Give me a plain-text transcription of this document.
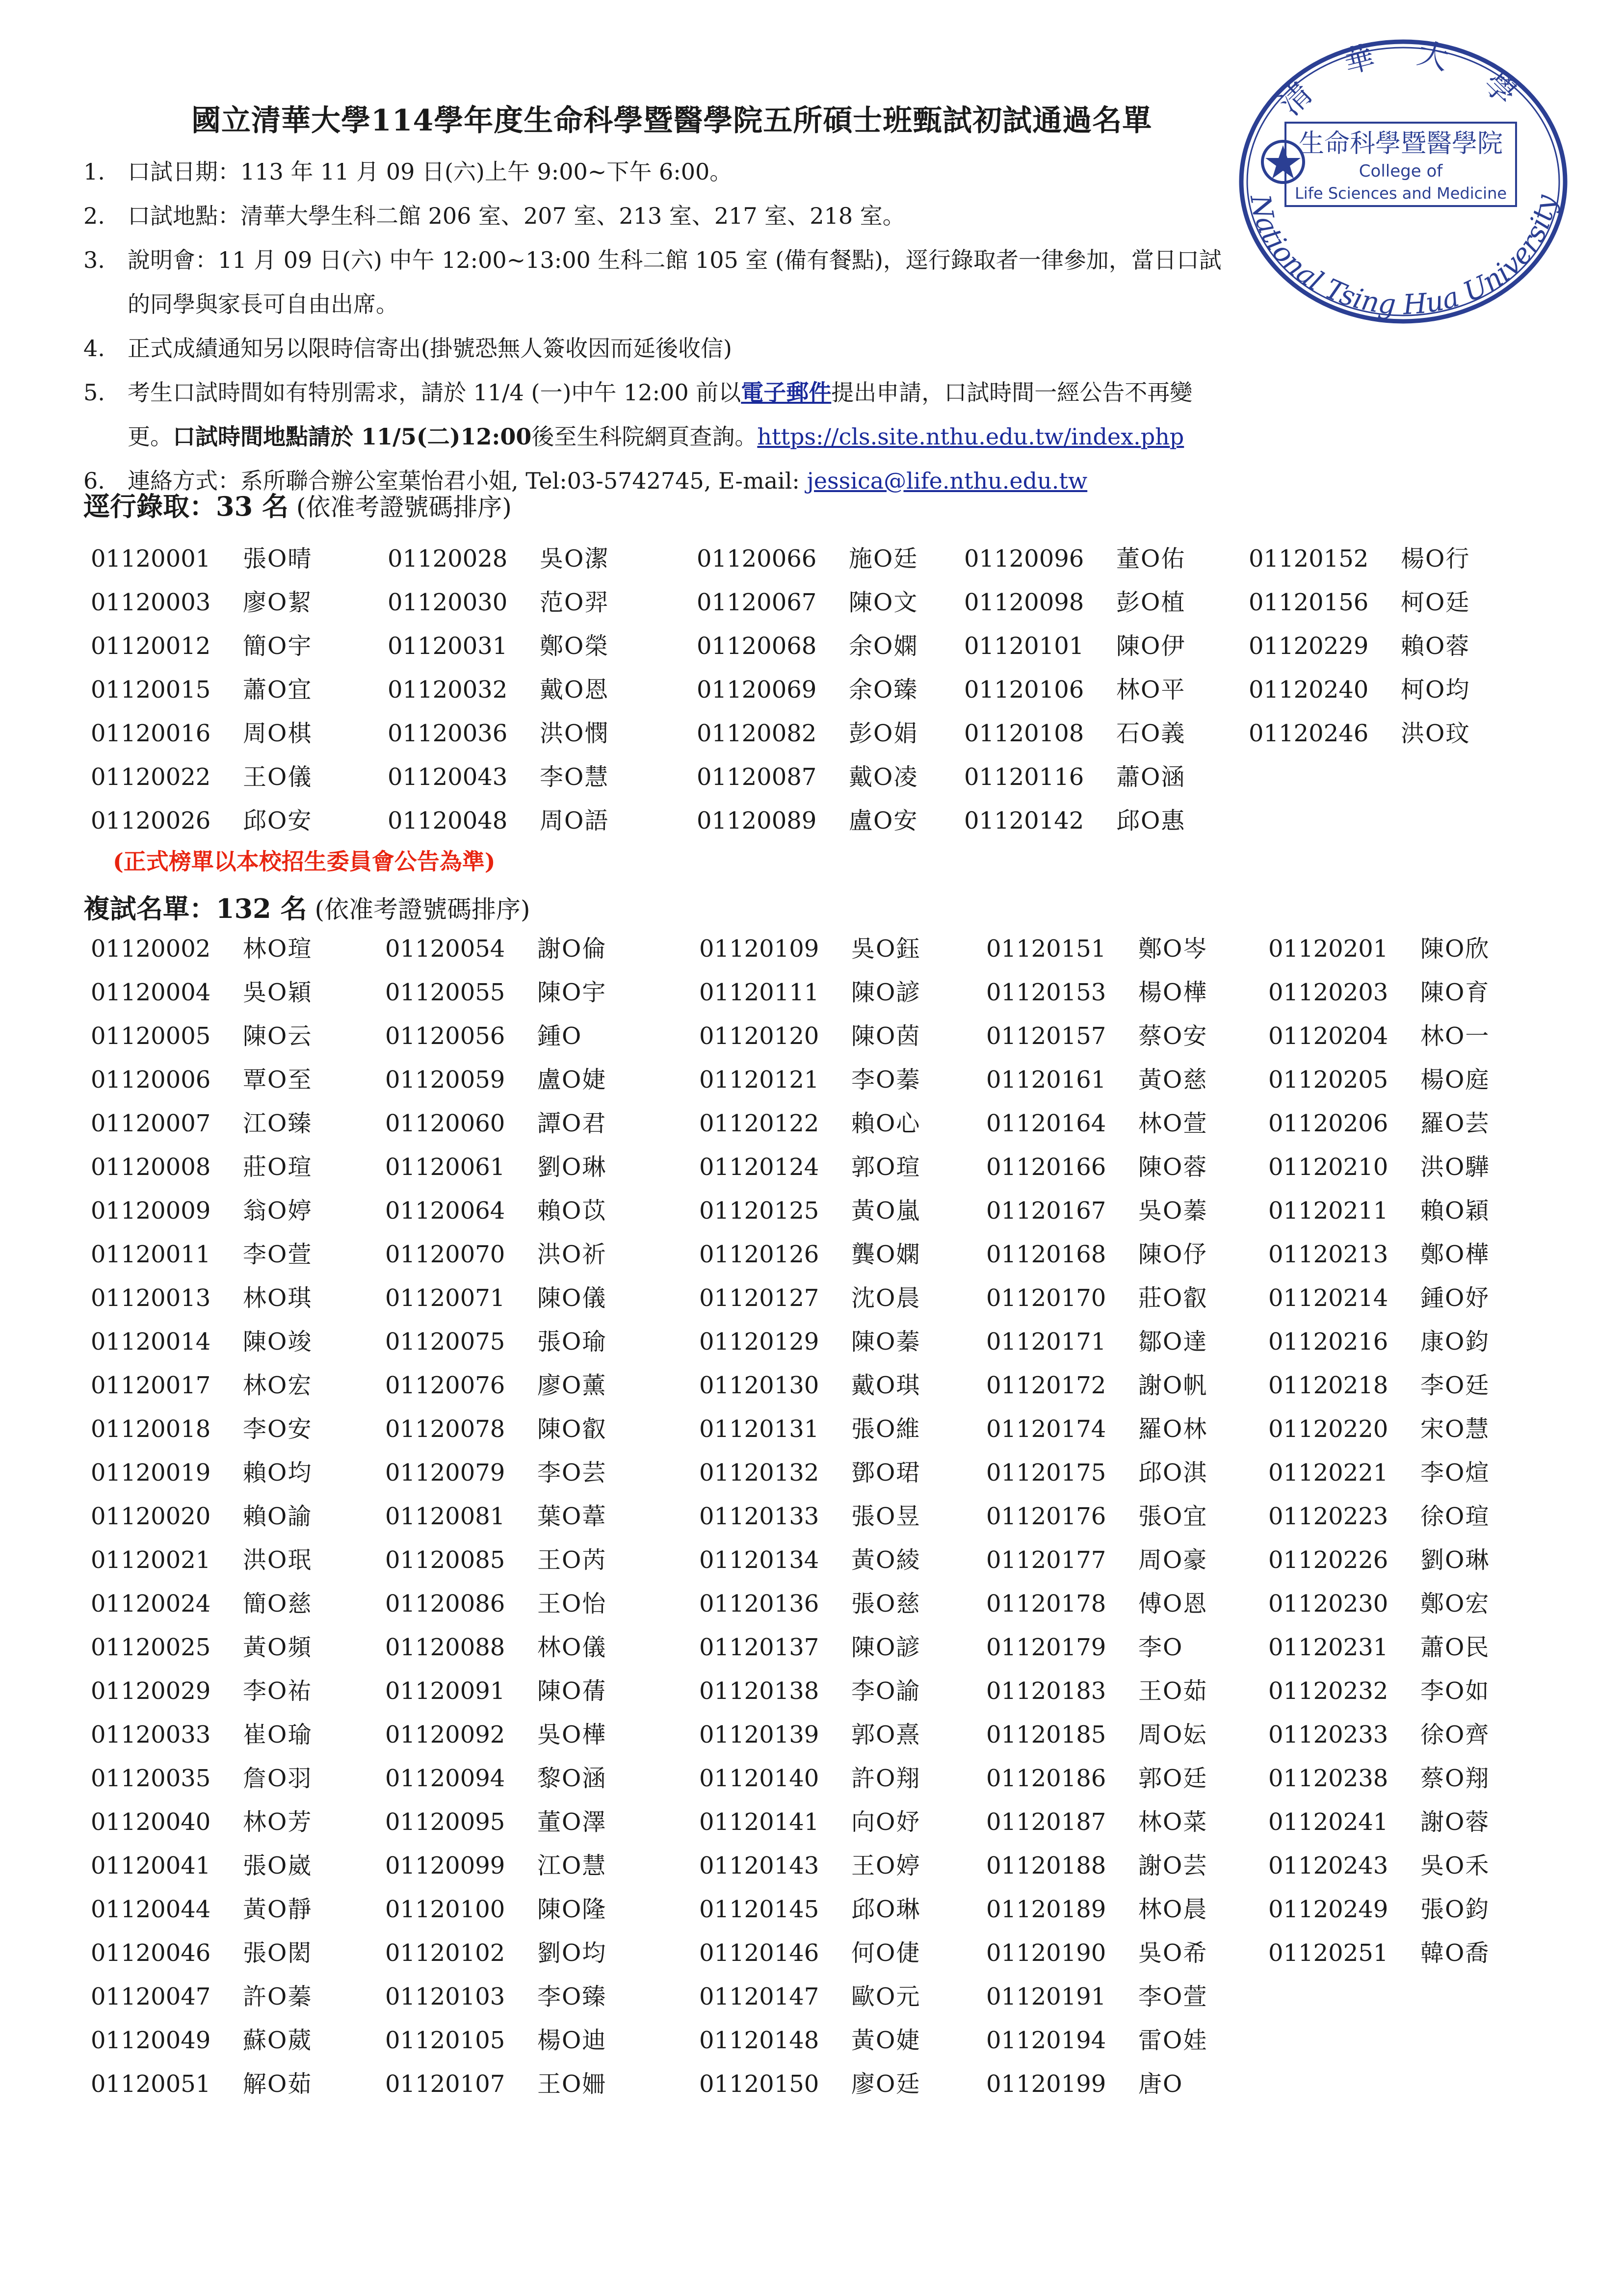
國立清華大學114學年度生命科學暨醫學院五所碩士班甄試初試通過名單	清 華 大 學
National Tsing Hua University
生命科學暨醫學院
College of
Life Sciences and Medicine
1. 口試日期：113 年 11 月 09 日(六)上午 9:00~下午 6:00。
2. 口試地點：清華大學生科二館 206 室、207 室、213 室、217 室、218 室。
3. 說明會：11 月 09 日(六) 中午 12:00~13:00 生科二館 105 室 (備有餐點)，逕行錄取者一律參加，當日口試
的同學與家長可自由出席。
4. 正式成績通知另以限時信寄出(掛號恐無人簽收因而延後收信)
5. 考生口試時間如有特別需求，請於 11/4 (一)中午 12:00 前以電子郵件提出申請，口試時間一經公告不再變
更。口試時間地點請於 11/5(二)12:00後至生科院網頁查詢。https://cls.site.nthu.edu.tw/index.php
6. 連絡方式：系所聯合辦公室葉怡君小姐, Tel:03-5742745, E-mail: jessica@life.nthu.edu.tw
逕行錄取：33 名 (依准考證號碼排序)
01120001 張O晴
01120003 廖O絜
01120012 簡O宇
01120015 蕭O宜
01120016 周O棋
01120022 王O儀
01120026 邱O安
01120028 吳O潔
01120030 范O羿
01120031 鄭O榮
01120032 戴O恩
01120036 洪O憫
01120043 李O慧
01120048 周O語
01120066 施O廷
01120067 陳O文
01120068 余O嫻
01120069 余O臻
01120082 彭O娟
01120087 戴O凌
01120089 盧O安
01120096 董O佑
01120098 彭O植
01120101 陳O伊
01120106 林O平
01120108 石O義
01120116 蕭O涵
01120142 邱O惠
01120152 楊O行
01120156 柯O廷
01120229 賴O蓉
01120240 柯O均
01120246 洪O玟
(正式榜單以本校招生委員會公告為準)
複試名單：132 名 (依准考證號碼排序)
01120002 林O瑄
01120004 吳O穎
01120005 陳O云
01120006 覃O至
01120007 江O臻
01120008 莊O瑄
01120009 翁O婷
01120011 李O萱
01120013 林O琪
01120014 陳O竣
01120017 林O宏
01120018 李O安
01120019 賴O均
01120020 賴O諭
01120021 洪O珉
01120024 簡O慈
01120025 黃O頻
01120029 李O祐
01120033 崔O瑜
01120035 詹O羽
01120040 林O芳
01120041 張O崴
01120044 黃O靜
01120046 張O閎
01120047 許O蓁
01120049 蘇O葳
01120051 解O茹
01120054 謝O倫
01120055 陳O宇
01120056 鍾O
01120059 盧O婕
01120060 譚O君
01120061 劉O琳
01120064 賴O苡
01120070 洪O祈
01120071 陳O儀
01120075 張O瑜
01120076 廖O薰
01120078 陳O叡
01120079 李O芸
01120081 葉O葦
01120085 王O芮
01120086 王O怡
01120088 林O儀
01120091 陳O蒨
01120092 吳O樺
01120094 黎O涵
01120095 董O澤
01120099 江O慧
01120100 陳O隆
01120102 劉O均
01120103 李O臻
01120105 楊O迪
01120107 王O姍
01120109 吳O鈺
01120111 陳O諺
01120120 陳O茵
01120121 李O蓁
01120122 賴O心
01120124 郭O瑄
01120125 黃O嵐
01120126 龔O嫻
01120127 沈O晨
01120129 陳O蓁
01120130 戴O琪
01120131 張O維
01120132 鄧O珺
01120133 張O昱
01120134 黃O綾
01120136 張O慈
01120137 陳O諺
01120138 李O諭
01120139 郭O熹
01120140 許O翔
01120141 向O妤
01120143 王O婷
01120145 邱O琳
01120146 何O倢
01120147 歐O元
01120148 黃O婕
01120150 廖O廷
01120151 鄭O岑
01120153 楊O樺
01120157 蔡O安
01120161 黃O慈
01120164 林O萱
01120166 陳O蓉
01120167 吳O蓁
01120168 陳O伃
01120170 莊O叡
01120171 鄒O達
01120172 謝O帆
01120174 羅O林
01120175 邱O淇
01120176 張O宜
01120177 周O豪
01120178 傅O恩
01120179 李O
01120183 王O茹
01120185 周O妘
01120186 郭O廷
01120187 林O菜
01120188 謝O芸
01120189 林O晨
01120190 吳O希
01120191 李O萱
01120194 雷O娃
01120199 唐O
01120201 陳O欣
01120203 陳O育
01120204 林O一
01120205 楊O庭
01120206 羅O芸
01120210 洪O驊
01120211 賴O穎
01120213 鄭O樺
01120214 鍾O妤
01120216 康O鈞
01120218 李O廷
01120220 宋O慧
01120221 李O煊
01120223 徐O瑄
01120226 劉O琳
01120230 鄭O宏
01120231 蕭O民
01120232 李O如
01120233 徐O齊
01120238 蔡O翔
01120241 謝O蓉
01120243 吳O禾
01120249 張O鈞
01120251 韓O喬
